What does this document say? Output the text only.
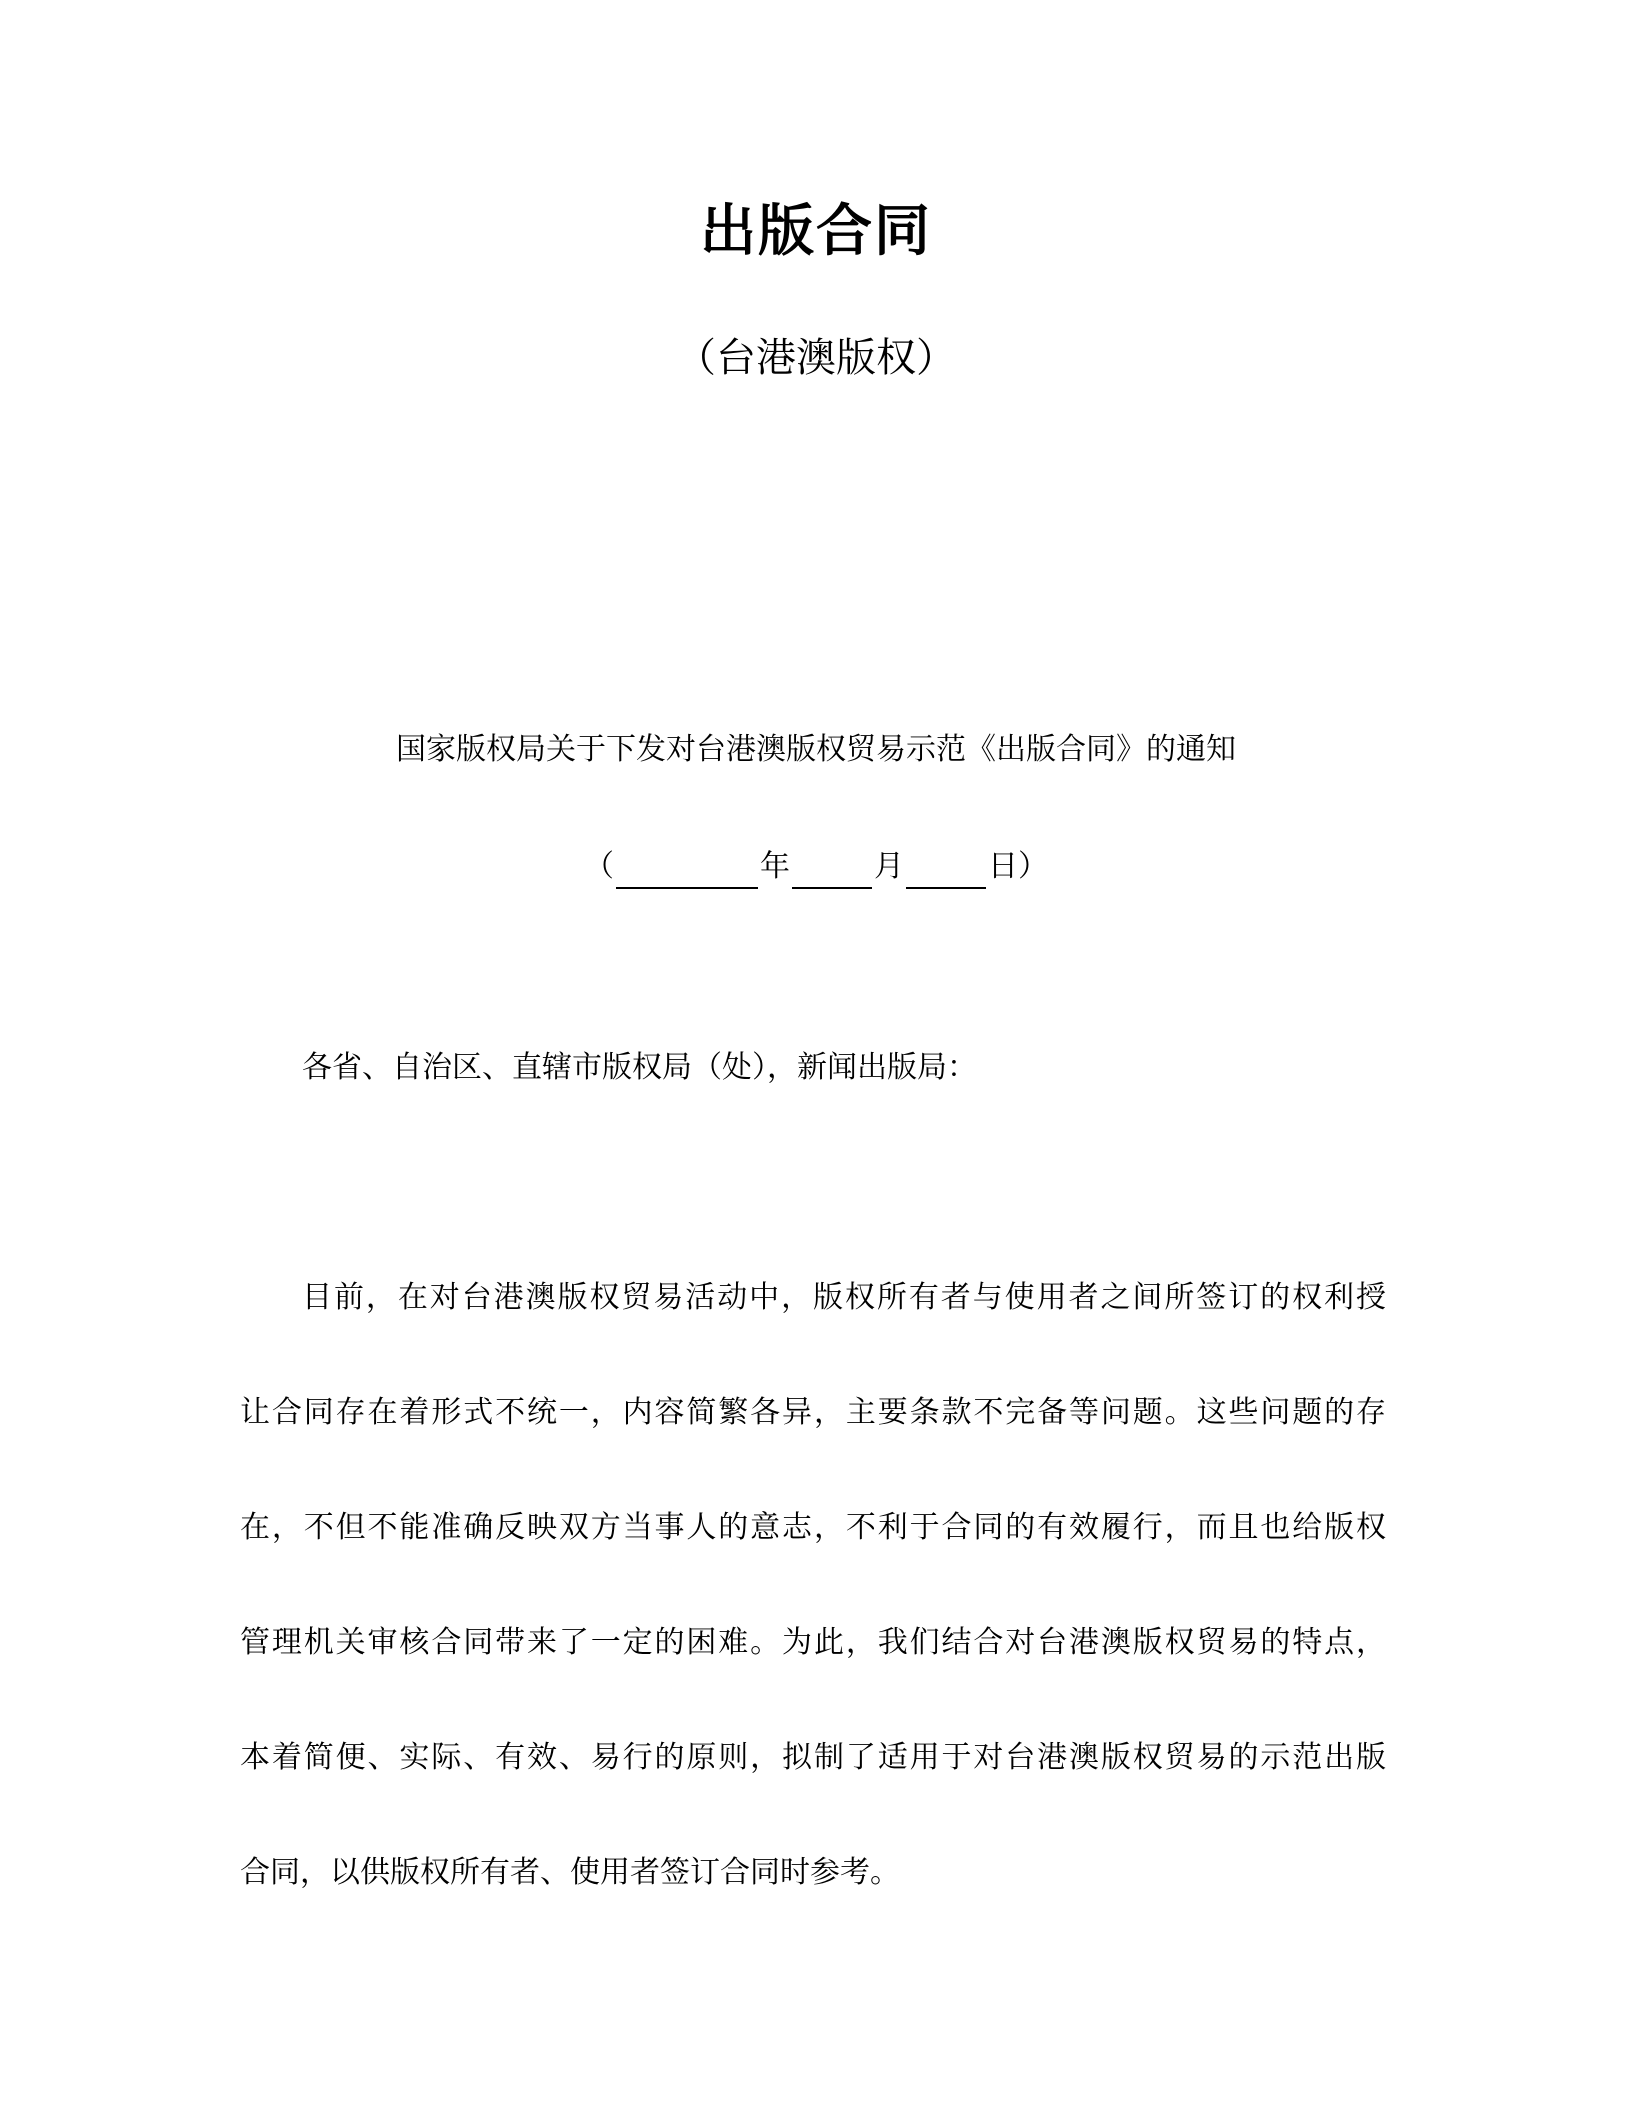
出版合同
（台港澳版权）
国家版权局关于下发对台港澳版权贸易示范《出版合同》的通知
（	年	月	日）
各省、自治区、直辖市版权局（处），新闻出版局：
目前，在对台港澳版权贸易活动中，版权所有者与使用者之间所签订的权利授
让合同存在着形式不统一，内容简繁各异，主要条款不完备等问题。这些问题的存
在，不但不能准确反映双方当事人的意志，不利于合同的有效履行，而且也给版权
管理机关审核合同带来了一定的困难。为此，我们结合对台港澳版权贸易的特点，
本着简便、实际、有效、易行的原则，拟制了适用于对台港澳版权贸易的示范出版
合同，以供版权所有者、使用者签订合同时参考。
